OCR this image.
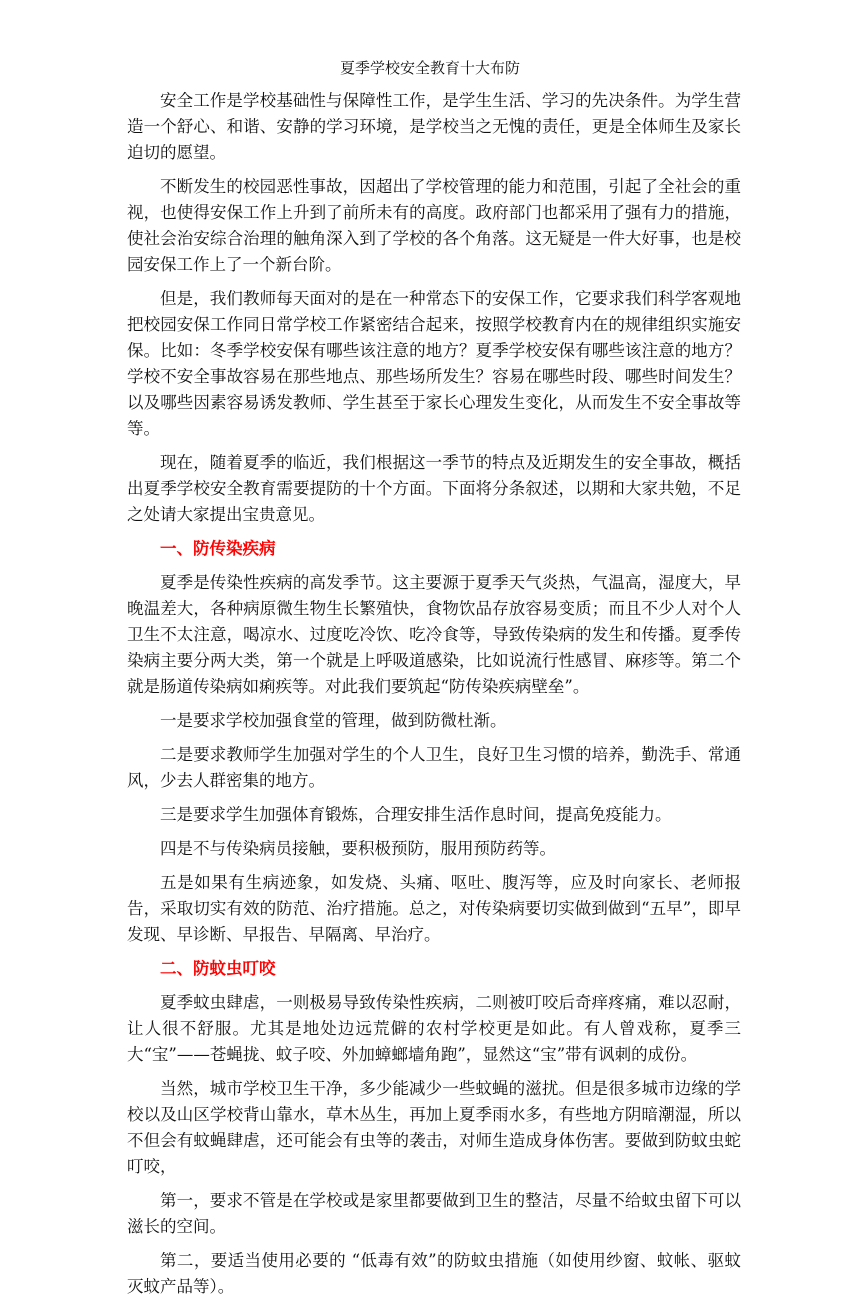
夏季学校安全教育十大布防

安全工作是学校基础性与保障性工作，是学生生活、学习的先决条件。为学生营造一个舒心、和谐、安静的学习环境，是学校当之无愧的责任，更是全体师生及家长迫切的愿望。

不断发生的校园恶性事故，因超出了学校管理的能力和范围，引起了全社会的重视，也使得安保工作上升到了前所未有的高度。政府部门也都采用了强有力的措施，使社会治安综合治理的触角深入到了学校的各个角落。这无疑是一件大好事，也是校园安保工作上了一个新台阶。

但是，我们教师每天面对的是在一种常态下的安保工作，它要求我们科学客观地把校园安保工作同日常学校工作紧密结合起来，按照学校教育内在的规律组织实施安保。比如：冬季学校安保有哪些该注意的地方？夏季学校安保有哪些该注意的地方？学校不安全事故容易在那些地点、那些场所发生？容易在哪些时段、哪些时间发生？以及哪些因素容易诱发教师、学生甚至于家长心理发生变化，从而发生不安全事故等等。

现在，随着夏季的临近，我们根据这一季节的特点及近期发生的安全事故，概括出夏季学校安全教育需要提防的十个方面。下面将分条叙述，以期和大家共勉，不足之处请大家提出宝贵意见。

一、防传染疾病

夏季是传染性疾病的高发季节。这主要源于夏季天气炎热，气温高，湿度大，早晚温差大，各种病原微生物生长繁殖快，食物饮品存放容易变质；而且不少人对个人卫生不太注意，喝凉水、过度吃冷饮、吃冷食等，导致传染病的发生和传播。夏季传染病主要分两大类，第一个就是上呼吸道感染，比如说流行性感冒、麻疹等。第二个就是肠道传染病如痢疾等。对此我们要筑起“防传染疾病壁垒”。

一是要求学校加强食堂的管理，做到防微杜渐。

二是要求教师学生加强对学生的个人卫生，良好卫生习惯的培养，勤洗手、常通风，少去人群密集的地方。

三是要求学生加强体育锻炼，合理安排生活作息时间，提高免疫能力。

四是不与传染病员接触，要积极预防，服用预防药等。

五是如果有生病迹象，如发烧、头痛、呕吐、腹泻等，应及时向家长、老师报告，采取切实有效的防范、治疗措施。总之，对传染病要切实做到做到“五早”，即早发现、早诊断、早报告、早隔离、早治疗。

二、防蚊虫叮咬

夏季蚊虫肆虐，一则极易导致传染性疾病，二则被叮咬后奇痒疼痛，难以忍耐，让人很不舒服。尤其是地处边远荒僻的农村学校更是如此。有人曾戏称，夏季三大“宝”——苍蝇拢、蚊子咬、外加蟑螂墙角跑”，显然这“宝”带有讽刺的成份。

当然，城市学校卫生干净，多少能减少一些蚊蝇的滋扰。但是很多城市边缘的学校以及山区学校背山靠水，草木丛生，再加上夏季雨水多，有些地方阴暗潮湿，所以不但会有蚊蝇肆虐，还可能会有虫等的袭击，对师生造成身体伤害。要做到防蚊虫蛇叮咬，

第一，要求不管是在学校或是家里都要做到卫生的整洁，尽量不给蚊虫留下可以滋长的空间。

第二，要适当使用必要的 “低毒有效”的防蚊虫措施（如使用纱窗、蚊帐、驱蚊灭蚊产品等）。
